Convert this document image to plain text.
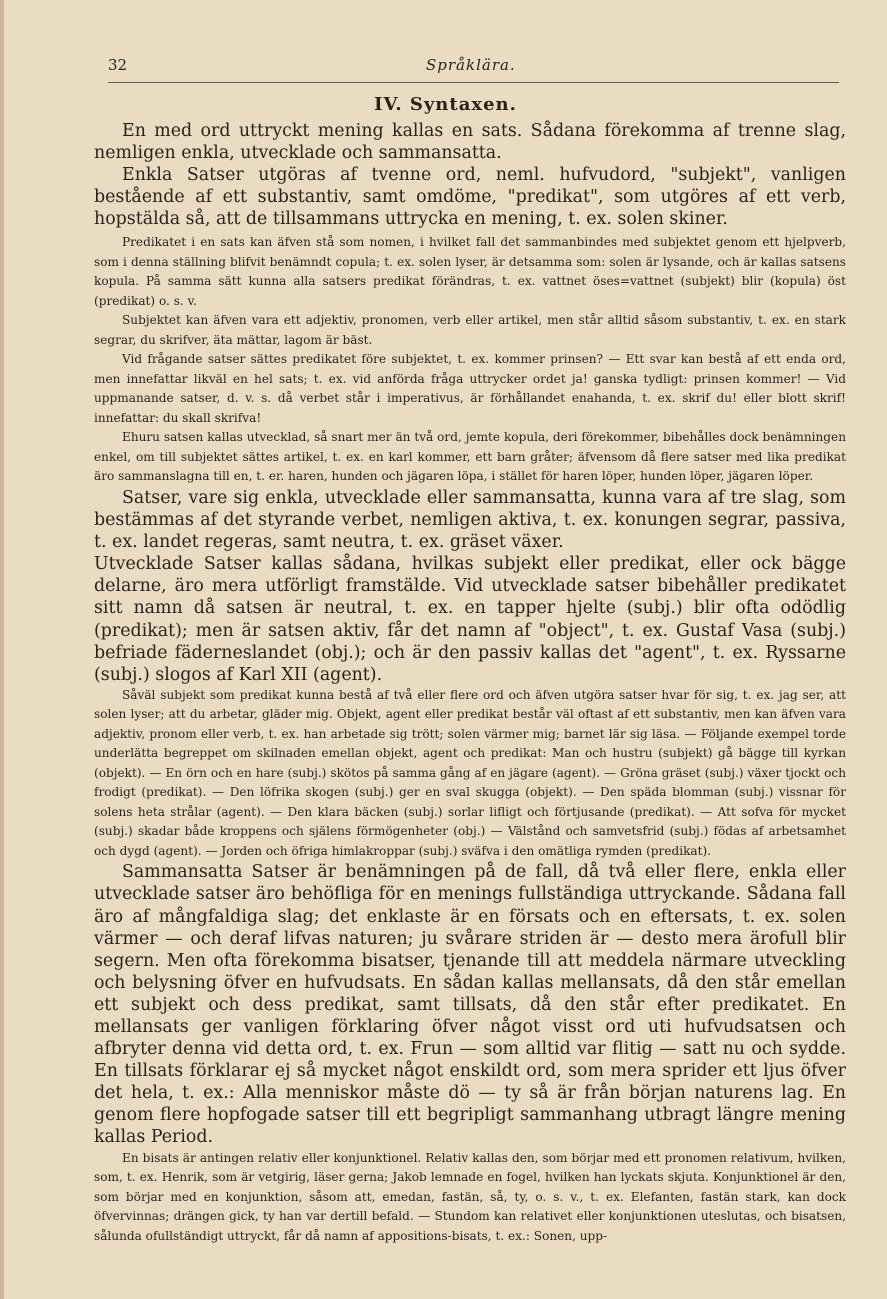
32	Språklära.
IV. Syntaxen.

En med ord uttryckt mening kallas en sats. Sådana förekomma af trenne slag, nemligen enkla, utvecklade och sammansatta.

Enkla Satser utgöras af tvenne ord, neml. hufvudord, "subjekt", vanligen bestående af ett substantiv, samt omdöme, "predikat", som utgöres af ett verb, hopstälda så, att de tillsammans uttrycka en mening, t. ex. solen skiner.

Predikatet i en sats kan äfven stå som nomen, i hvilket fall det sammanbindes med subjektet genom ett hjelpverb, som i denna ställning blifvit benämndt copula; t. ex. solen lyser, är detsamma som: solen är lysande, och är kallas satsens kopula. På samma sätt kunna alla satsers predikat förändras, t. ex. vattnet öses=vattnet (subjekt) blir (kopula) öst (predikat) o. s. v.

Subjektet kan äfven vara ett adjektiv, pronomen, verb eller artikel, men står alltid såsom substantiv, t. ex. en stark segrar, du skrifver, äta mättar, lagom är bäst.

Vid frågande satser sättes predikatet före subjektet, t. ex. kommer prinsen? — Ett svar kan bestå af ett enda ord, men innefattar likväl en hel sats; t. ex. vid anförda fråga uttrycker ordet ja! ganska tydligt: prinsen kommer! — Vid uppmanande satser, d. v. s. då verbet står i imperativus, är förhållandet enahanda, t. ex. skrif du! eller blott skrif! innefattar: du skall skrifva!

Ehuru satsen kallas utvecklad, så snart mer än två ord, jemte kopula, deri förekommer, bibehålles dock benämningen enkel, om till subjektet sättes artikel, t. ex. en karl kommer, ett barn gråter; äfvensom då flere satser med lika predikat äro sammanslagna till en, t. er. haren, hunden och jägaren löpa, i stället för haren löper, hunden löper, jägaren löper.

Satser, vare sig enkla, utvecklade eller sammansatta, kunna vara af tre slag, som bestämmas af det styrande verbet, nemligen aktiva, t. ex. konungen segrar, passiva, t. ex. landet regeras, samt neutra, t. ex. gräset växer.

Utvecklade Satser kallas sådana, hvilkas subjekt eller predikat, eller ock bägge delarne, äro mera utförligt framstälde. Vid utvecklade satser bibehåller predikatet sitt namn då satsen är neutral, t. ex. en tapper hjelte (subj.) blir ofta odödlig (predikat); men är satsen aktiv, får det namn af "object", t. ex. Gustaf Vasa (subj.) befriade fäderneslandet (obj.); och är den passiv kallas det "agent", t. ex. Ryssarne (subj.) slogos af Karl XII (agent).

Såväl subjekt som predikat kunna bestå af två eller flere ord och äfven utgöra satser hvar för sig, t. ex. jag ser, att solen lyser; att du arbetar, gläder mig. Objekt, agent eller predikat består väl oftast af ett substantiv, men kan äfven vara adjektiv, pronom eller verb, t. ex. han arbetade sig trött; solen värmer mig; barnet lär sig läsa. — Följande exempel torde underlätta begreppet om skilnaden emellan objekt, agent och predikat: Man och hustru (subjekt) gå bägge till kyrkan (objekt). — En örn och en hare (subj.) skötos på samma gång af en jägare (agent). — Gröna gräset (subj.) växer tjockt och frodigt (predikat). — Den löfrika skogen (subj.) ger en sval skugga (objekt). — Den späda blomman (subj.) vissnar för solens heta strålar (agent). — Den klara bäcken (subj.) sorlar lifligt och förtjusande (predikat). — Att sofva för mycket (subj.) skadar både kroppens och själens förmögenheter (obj.) — Välstånd och samvetsfrid (subj.) födas af arbetsamhet och dygd (agent). — Jorden och öfriga himlakroppar (subj.) sväfva i den omätliga rymden (predikat).

Sammansatta Satser är benämningen på de fall, då två eller flere, enkla eller utvecklade satser äro behöfliga för en menings fullständiga uttryckande. Sådana fall äro af mångfaldiga slag; det enklaste är en försats och en eftersats, t. ex. solen värmer — och deraf lifvas naturen; ju svårare striden är — desto mera ärofull blir segern. Men ofta förekomma bisatser, tjenande till att meddela närmare utveckling och belysning öfver en hufvudsats. En sådan kallas mellansats, då den står emellan ett subjekt och dess predikat, samt tillsats, då den står efter predikatet. En mellansats ger vanligen förklaring öfver något visst ord uti hufvudsatsen och afbryter denna vid detta ord, t. ex. Frun — som alltid var flitig — satt nu och sydde. En tillsats förklarar ej så mycket något enskildt ord, som mera sprider ett ljus öfver det hela, t. ex.: Alla menniskor måste dö — ty så är från början naturens lag. En genom flere hopfogade satser till ett begripligt sammanhang utbragt längre mening kallas Period.

En bisats är antingen relativ eller konjunktionel. Relativ kallas den, som börjar med ett pronomen relativum, hvilken, som, t. ex. Henrik, som är vetgirig, läser gerna; Jakob lemnade en fogel, hvilken han lyckats skjuta. Konjunktionel är den, som börjar med en konjunktion, såsom att, emedan, fastän, så, ty, o. s. v., t. ex. Elefanten, fastän stark, kan dock öfvervinnas; drängen gick, ty han var dertill befald. — Stundom kan relativet eller konjunktionen uteslutas, och bisatsen, sålunda ofullständigt uttryckt, får då namn af appositions-bisats, t. ex.: Sonen, upp-
